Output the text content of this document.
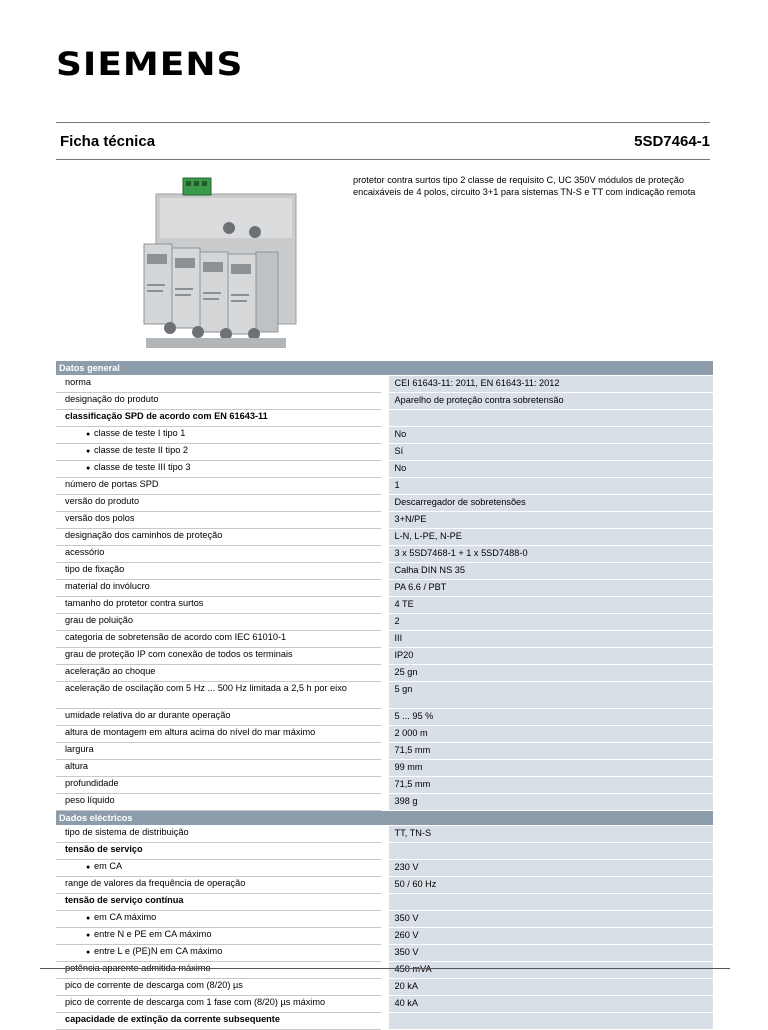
SIEMENS
Ficha técnica	5SD7464-1
protetor contra surtos tipo 2 classe de requisito C, UC 350V módulos de proteção encaixáveis de 4 polos, circuito 3+1 para sistemas TN-S e TT com indicação remota
Datos general	
norma	CEI 61643-11: 2011, EN 61643-11: 2012
designação do produto	Aparelho de proteção contra sobretensão
classificação SPD de acordo com EN 61643-11	
● classe de teste I tipo 1	No
● classe de teste II tipo 2	Sí
● classe de teste III tipo 3	No
número de portas SPD	1
versão do produto	Descarregador de sobretensões
versão dos polos	3+N/PE
designação dos caminhos de proteção	L-N, L-PE, N-PE
acessório	3 x 5SD7468-1 + 1 x 5SD7488-0
tipo de fixação	Calha DIN NS 35
material do invólucro	PA 6.6 / PBT
tamanho do protetor contra surtos	4 TE
grau de poluição	2
categoria de sobretensão de acordo com IEC 61010-1	III
grau de proteção IP com conexão de todos os terminais	IP20
aceleração ao choque	25 gn
aceleração de oscilação com 5 Hz ... 500 Hz limitada a 2,5 h por eixo	5 gn
umidade relativa do ar durante operação	5 ... 95 %
altura de montagem em altura acima do nível do mar máximo	2 000 m
largura	71,5 mm
altura	99 mm
profundidade	71,5 mm
peso líquido	398 g
Dados eléctricos	
tipo de sistema de distribuição	TT, TN-S
tensão de serviço	
● em CA	230 V
range de valores da frequência de operação	50 / 60 Hz
tensão de serviço contínua	
● em CA máximo	350 V
● entre N e PE em CA máximo	260 V
● entre L e (PE)N em CA máximo	350 V
potência aparente admitida máximo	450 mVA
pico de corrente de descarga com (8/20) µs	20 kA
pico de corrente de descarga com 1 fase com (8/20) µs máximo	40 kA
capacidade de extinção da corrente subsequente	
